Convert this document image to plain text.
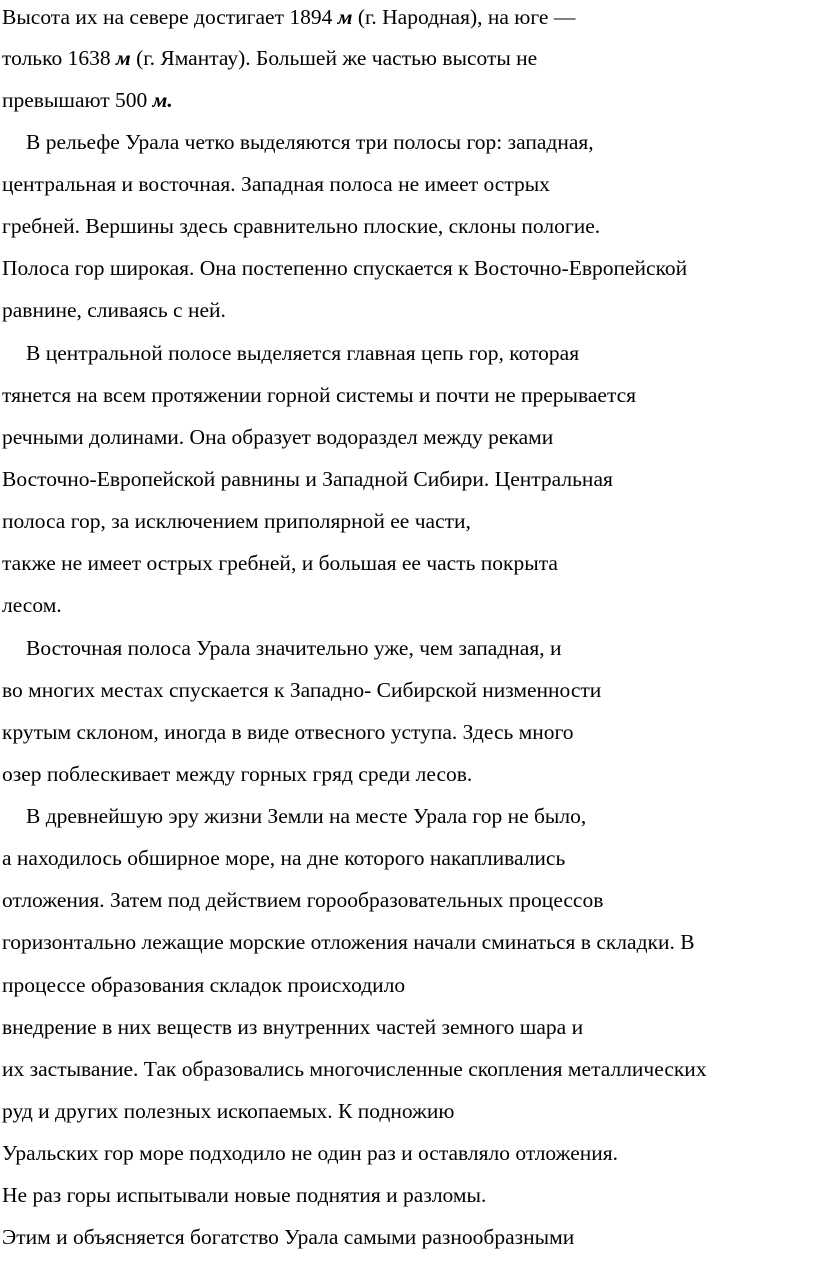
Высота их на севере достигает 1894 м (г. Народная), на юге —
только 1638 м (г. Ямантау). Большей же частью высоты не
превышают 500 м.
В рельефе Урала четко выделяются три полосы гор: западная,
центральная и восточная. Западная полоса не имеет острых
гребней. Вершины здесь сравнительно плоские, склоны пологие.
Полоса гор широкая. Она постепенно спускается к Восточно-Европейской
равнине, сливаясь с ней.
В центральной полосе выделяется главная цепь гор, которая
тянется на всем протяжении горной системы и почти не прерывается
речными долинами. Она образует водораздел между реками
Восточно-Европейской равнины и Западной Сибири. Центральная
полоса гор, за исключением приполярной ее части,
также не имеет острых гребней, и большая ее часть покрыта
лесом.
Восточная полоса Урала значительно уже, чем западная, и
во многих местах спускается к Западно- Сибирской низменности
крутым склоном, иногда в виде отвесного уступа. Здесь много
озер поблескивает между горных гряд среди лесов.
В древнейшую эру жизни Земли на месте Урала гор не было,
а находилось обширное море, на дне которого накапливались
отложения. Затем под действием горообразовательных процессов
горизонтально лежащие морские отложения начали сминаться в складки. В
процессе образования складок происходило
внедрение в них веществ из внутренних частей земного шара и
их застывание. Так образовались многочисленные скопления металлических
руд и других полезных ископаемых. К подножию
Уральских гор море подходило не один раз и оставляло отложения.
Не раз горы испытывали новые поднятия и разломы.
Этим и объясняется богатство Урала самыми разнообразными
